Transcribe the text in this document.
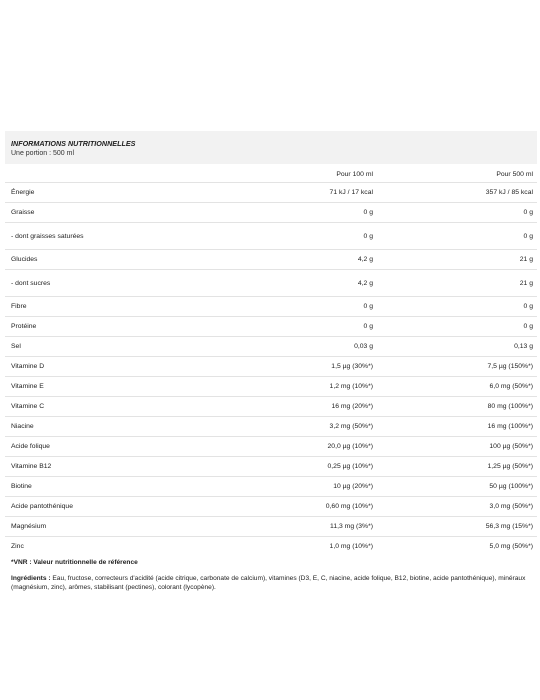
INFORMATIONS NUTRITIONNELLES
Une portion : 500 ml
	Pour 100 ml	Pour 500 ml
Énergie	71 kJ / 17 kcal	357 kJ / 85 kcal
Graisse	0 g	0 g
- dont graisses saturées	0 g	0 g
Glucides	4,2 g	21 g
- dont sucres	4,2 g	21 g
Fibre	0 g	0 g
Protéine	0 g	0 g
Sel	0,03 g	0,13 g
Vitamine D	1,5 µg (30%*)	7,5 µg (150%*)
Vitamine E	1,2 mg (10%*)	6,0 mg (50%*)
Vitamine C	16 mg (20%*)	80 mg (100%*)
Niacine	3,2 mg (50%*)	16 mg (100%*)
Acide folique	20,0 µg (10%*)	100 µg (50%*)
Vitamine B12	0,25 µg (10%*)	1,25 µg (50%*)
Biotine	10 µg (20%*)	50 µg (100%*)
Acide pantothénique	0,60 mg (10%*)	3,0 mg (50%*)
Magnésium	11,3 mg (3%*)	56,3 mg (15%*)
Zinc	1,0 mg (10%*)	5,0 mg (50%*)
*VNR : Valeur nutritionnelle de référence
Ingrédients : Eau, fructose, correcteurs d'acidité (acide citrique, carbonate de calcium), vitamines (D3, E, C, niacine, acide folique, B12, biotine, acide pantothénique), minéraux (magnésium, zinc), arômes, stabilisant (pectines), colorant (lycopène).
